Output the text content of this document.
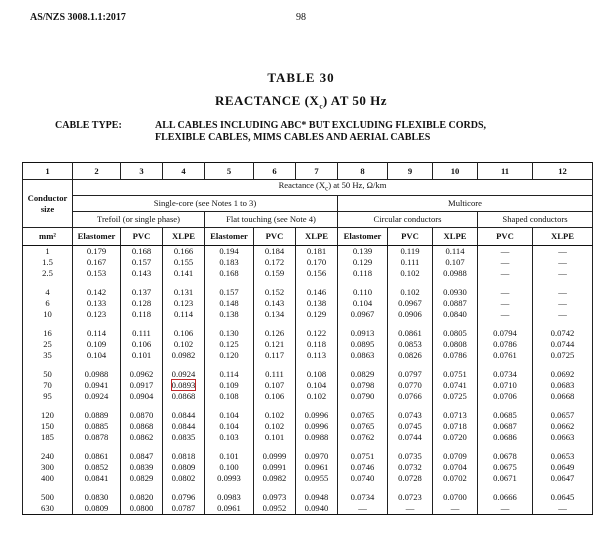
AS/NZS 3008.1.1:2017	98
TABLE 30
REACTANCE $(X_c)$ AT 50 Hz
CABLE TYPE:	ALL CABLES INCLUDING ABC* BUT EXCLUDING FLEXIBLE CORDS,
FLEXIBLE CABLES, MIMS CABLES AND AERIAL CABLES
1	2	3	4	5	6	7	8	9	10	11	12
Conductor size	Reactance $(X_c)$ at 50 Hz, Ω/km										
	Single-core (see Notes 1 to 3)						Multicore				
	Trefoil (or single phase)			Flat touching (see Note 4)			Circular conductors			Shaped conductors	
mm²	Elastomer	PVC	XLPE	Elastomer	PVC	XLPE	Elastomer	PVC	XLPE	PVC	XLPE
1	0.179	0.168	0.166	0.194	0.184	0.181	0.139	0.119	0.114	—	—
1.5	0.167	0.157	0.155	0.183	0.172	0.170	0.129	0.111	0.107	—	—
2.5	0.153	0.143	0.141	0.168	0.159	0.156	0.118	0.102	0.0988	—	—

4	0.142	0.137	0.131	0.157	0.152	0.146	0.110	0.102	0.0930	—	—
6	0.133	0.128	0.123	0.148	0.143	0.138	0.104	0.0967	0.0887	—	—
10	0.123	0.118	0.114	0.138	0.134	0.129	0.0967	0.0906	0.0840	—	—

16	0.114	0.111	0.106	0.130	0.126	0.122	0.0913	0.0861	0.0805	0.0794	0.0742
25	0.109	0.106	0.102	0.125	0.121	0.118	0.0895	0.0853	0.0808	0.0786	0.0744
35	0.104	0.101	0.0982	0.120	0.117	0.113	0.0863	0.0826	0.0786	0.0761	0.0725

50	0.0988	0.0962	0.0924	0.114	0.111	0.108	0.0829	0.0797	0.0751	0.0734	0.0692
70	0.0941	0.0917	0.0893	0.109	0.107	0.104	0.0798	0.0770	0.0741	0.0710	0.0683
95	0.0924	0.0904	0.0868	0.108	0.106	0.102	0.0790	0.0766	0.0725	0.0706	0.0668

120	0.0889	0.0870	0.0844	0.104	0.102	0.0996	0.0765	0.0743	0.0713	0.0685	0.0657
150	0.0885	0.0868	0.0844	0.104	0.102	0.0996	0.0765	0.0745	0.0718	0.0687	0.0662
185	0.0878	0.0862	0.0835	0.103	0.101	0.0988	0.0762	0.0744	0.0720	0.0686	0.0663

240	0.0861	0.0847	0.0818	0.101	0.0999	0.0970	0.0751	0.0735	0.0709	0.0678	0.0653
300	0.0852	0.0839	0.0809	0.100	0.0991	0.0961	0.0746	0.0732	0.0704	0.0675	0.0649
400	0.0841	0.0829	0.0802	0.0993	0.0982	0.0955	0.0740	0.0728	0.0702	0.0671	0.0647

500	0.0830	0.0820	0.0796	0.0983	0.0973	0.0948	0.0734	0.0723	0.0700	0.0666	0.0645
630	0.0809	0.0800	0.0787	0.0961	0.0952	0.0940	—	—	—	—	—
